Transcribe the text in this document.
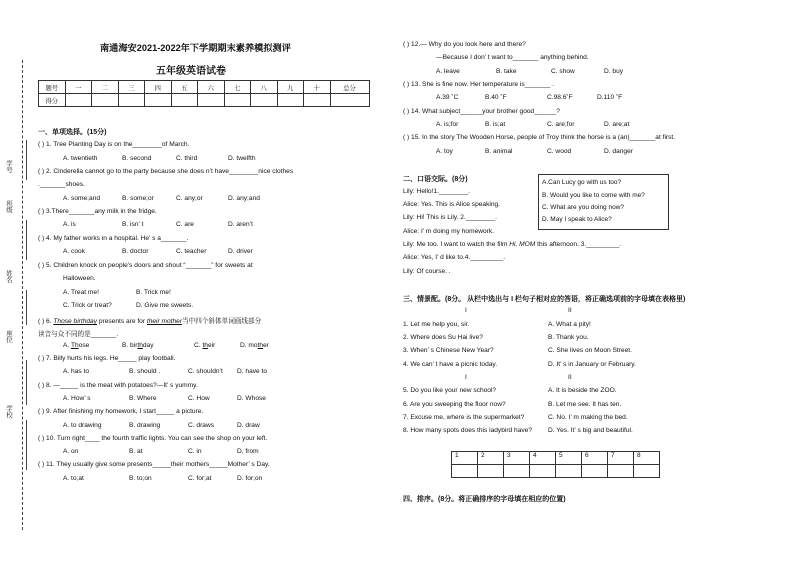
学号
班级
姓名
座位
学校
南通海安2021-2022年下学期期末素养模拟测评
五年级英语试卷
题号	一	二	三	四	五	六	七	八	九	十	总分
得分											
一、单项选择。(15分)
( ) 1. Tree Planting Day is on the________of March.
A. twentieth	B. second	C. third	D. twelfth
( ) 2. Cinderella cannot go to the party because she does n’t have________nice clothes
._______shoes.
A. some;and	B. some;or	C. any;or	D. any;and
( ) 3.There_______any milk in the fridge.
A. is	B. isn’ t	C. are	D. aren’t
( ) 4. My father works in a hospital. He’ s a_______.
A. cook	B. doctor	C. teacher	D. driver
( ) 5. Children knock on people’s doors and shout “_______” for sweets at
Halloween.
A. Treat me!	B. Trick me!
C. Trick or treat?	D. Give me sweets.
( ) 6. Those birthday presents are for their mother当中四个斜体单词画线部分
读音与众不同的是_______.
A. Those	B. birthday	C. their	D. mother
( ) 7. Billy hurts his legs. He_____ play football.
A. has to	B. should .	C. shouldn’t D. have to
( ) 8. —_____ is the meat with potatoes?—It’ s yummy.
A. How’ s	B. Where	C. How	D. Whose
( ) 9. After finishing my homework, I start_____ a picture.
A. to drawing	B. drawing	C. draws	D. draw
( ) 10. Turn right____ the fourth traffic lights. You can see the shop on your left.
A. on	B. at	C. in	D. from
( ) 11. They usually give some presents_____their mothers_____Mother’ s Day.
A. to;at	B. to;on	C. for;at	D. for;on
( ) 12.— Why do you look here and there?
—Because I don’ t want to_______ anything behind.
A. leave	B. take	C. show	D. buy
( ) 13. She is fine now. Her temperature is_______ .
A.39 ˚C	B.40 ˚F	C.98.6˚F	D.110 ˚F
( ) 14. What subject______your brother good______?
A. is;for	B. is;at	C. are;for	D. are;at
( ) 15. In the story The Wooden Horse, people of Troy think the horse is a (an)_______at first.
A. toy	B. animal	C. wood	D. danger
二、口语交际。(8分)
Lily: Hello!1.________.
Alice: Yes. This is Alice speaking.
Lily: Hi! This is Lily. 2.________.
Alice: I’ m doing my homework.
Lily: Me too. I want to watch the film Hi, MOM this afternoon. 3._________.
Alice: Yes, I’ d like to.4._________.
Lily: Of course. .
A.Can Lucy go with us too?
B. Would you like to come with me?
C. What are you doing now?
D. May I speak to Alice?
三、情景配。(8分。 从栏中选出与 I 栏句子相对应的答语，将正确选项前的字母填在表格里)
I	II
1. Let me help you, sir.	A. What a pity!
2. Where does Su Hai live?	B. Thank you.
3. When’ s Chinese New Year?	C. She lives on Moon Street.
4. We can’ t have a picnic today.	D. It’ s in January or February.
I	II
5. Do you like your new school?	A. It is beside the ZOO.
6. Are you sweeping the floor now?	B. Let me see. It has ten.
7. Excuse me, where is the supermarket?	C. No. I’ m making the bed.
8. How many spots does this ladybird have? D. Yes. It’ s big and beautiful.
1	2	3	4	5	6	7	8

四、排序。(8分。将正确排序的字母填在相应的位置)
